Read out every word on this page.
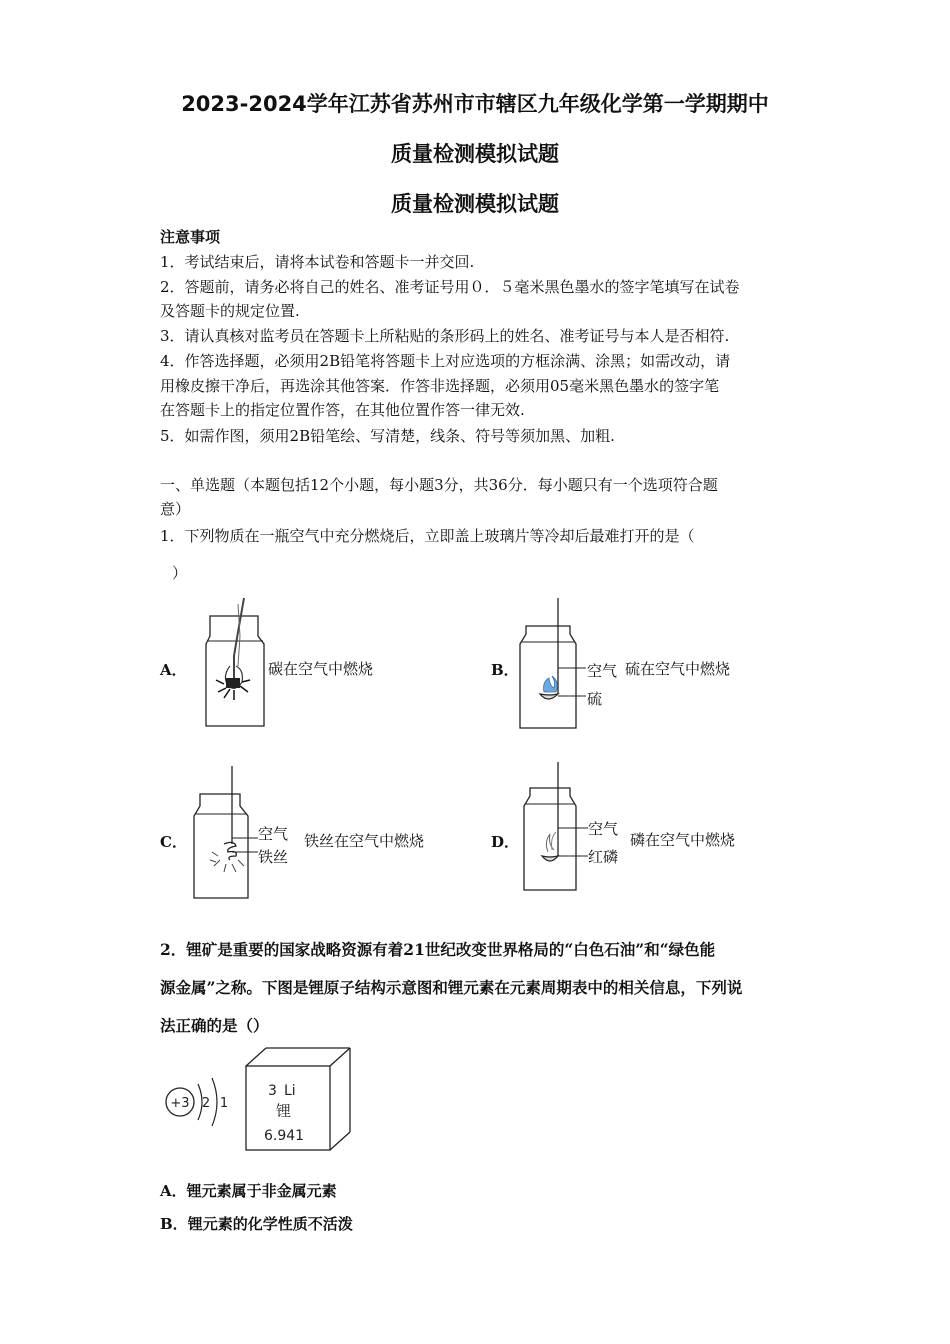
2023-2024学年江苏省苏州市市辖区九年级化学第一学期期中
质量检测模拟试题
质量检测模拟试题
注意事项
1．考试结束后，请将本试卷和答题卡一并交回.
2．答题前，请务必将自己的姓名、准考证号用０．５毫米黑色墨水的签字笔填写在试卷
及答题卡的规定位置.
3．请认真核对监考员在答题卡上所粘贴的条形码上的姓名、准考证号与本人是否相符.
4．作答选择题，必须用2B铅笔将答题卡上对应选项的方框涂满、涂黑；如需改动，请
用橡皮擦干净后，再选涂其他答案．作答非选择题，必须用05毫米黑色墨水的签字笔
在答题卡上的指定位置作答，在其他位置作答一律无效.
5．如需作图，须用2B铅笔绘、写清楚，线条、符号等须加黑、加粗.
一、单选题（本题包括12个小题，每小题3分，共36分．每小题只有一个选项符合题
意）
1．下列物质在一瓶空气中充分燃烧后，立即盖上玻璃片等冷却后最难打开的是（
）
A．	碳在空气中燃烧	B．	空气
硫
硫在空气中燃烧
C．	空气
铁丝
铁丝在空气中燃烧	D．
空气
红磷
磷在空气中燃烧
2．锂矿是重要的国家战略资源有着21世纪改变世界格局的“白色石油”和“绿色能
源金属”之称。下图是锂原子结构示意图和锂元素在元素周期表中的相关信息，下列说
法正确的是（）
+3 2 1
3 Li
锂
6.941
A．锂元素属于非金属元素
B．锂元素的化学性质不活泼
